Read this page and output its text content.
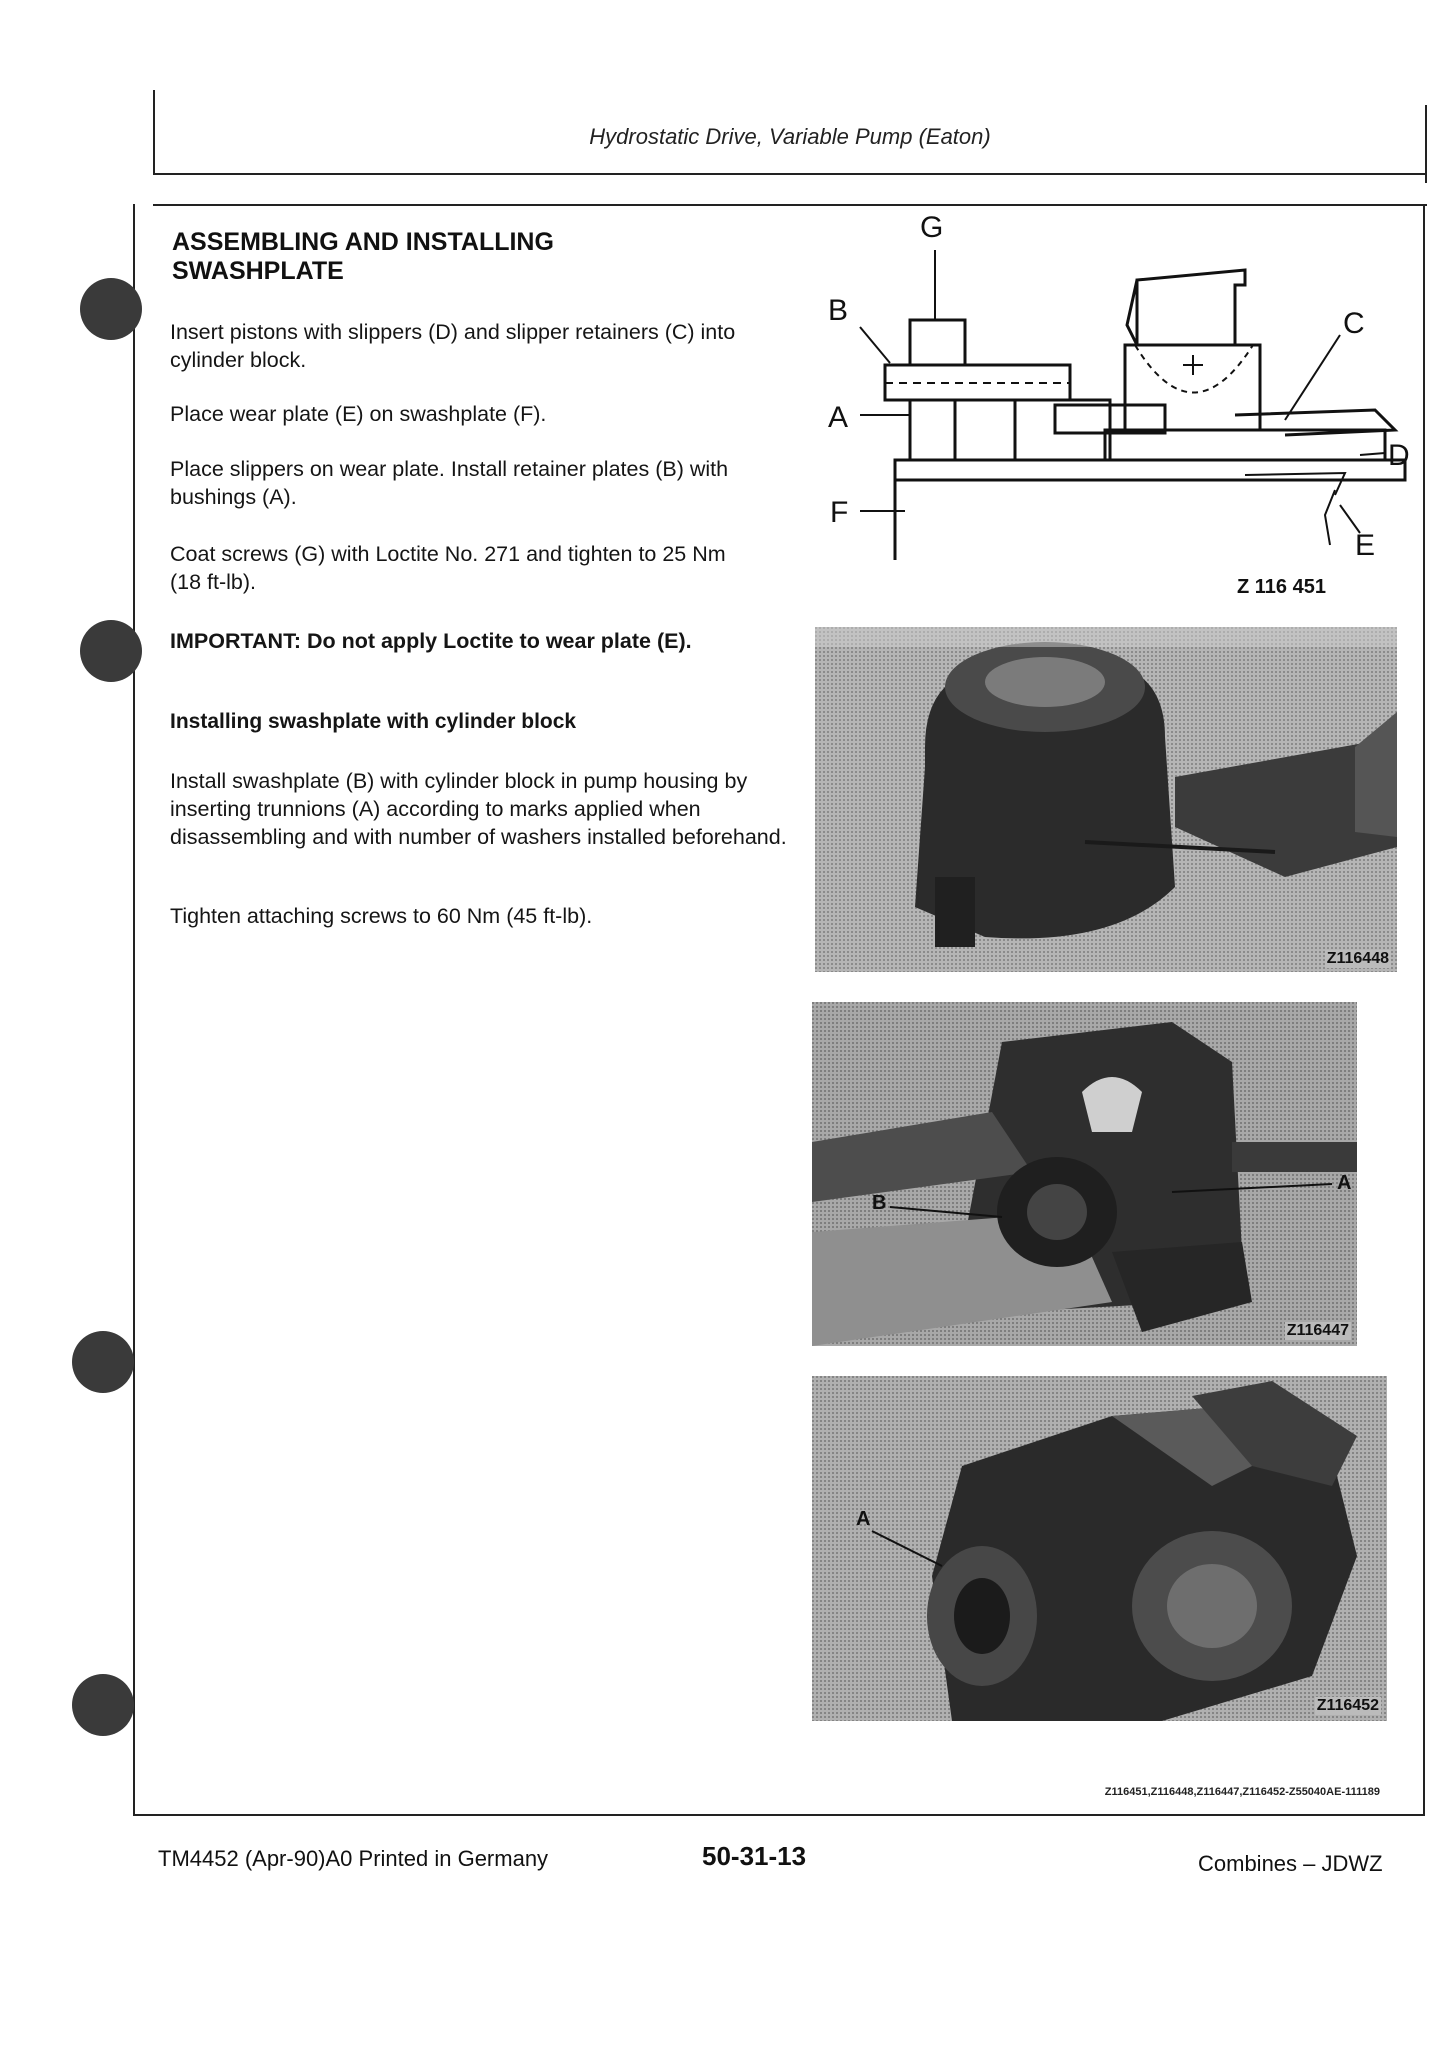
Hydrostatic Drive, Variable Pump (Eaton)
ASSEMBLING AND INSTALLING
SWASHPLATE
Insert pistons with slippers (D) and slipper retainers (C) into cylinder block.
Place wear plate (E) on swashplate (F).
Place slippers on wear plate. Install retainer plates (B) with bushings (A).
Coat screws (G) with Loctite No. 271 and tighten to 25 Nm (18 ft-lb).
IMPORTANT: Do not apply Loctite to wear plate (E).
Installing swashplate with cylinder block
Install swashplate (B) with cylinder block in pump housing by inserting trunnions (A) according to marks applied when disassembling and with number of washers installed beforehand.
Tighten attaching screws to 60 Nm (45 ft-lb).
G
B	C
A
D
F
E
Z 116 451
Z116448
B
A
Z116447
A
Z116452
Z116451,Z116448,Z116447,Z116452-Z55040AE-111189
TM4452 (Apr-90)A0 Printed in Germany	50-31-13	Combines – JDWZ
